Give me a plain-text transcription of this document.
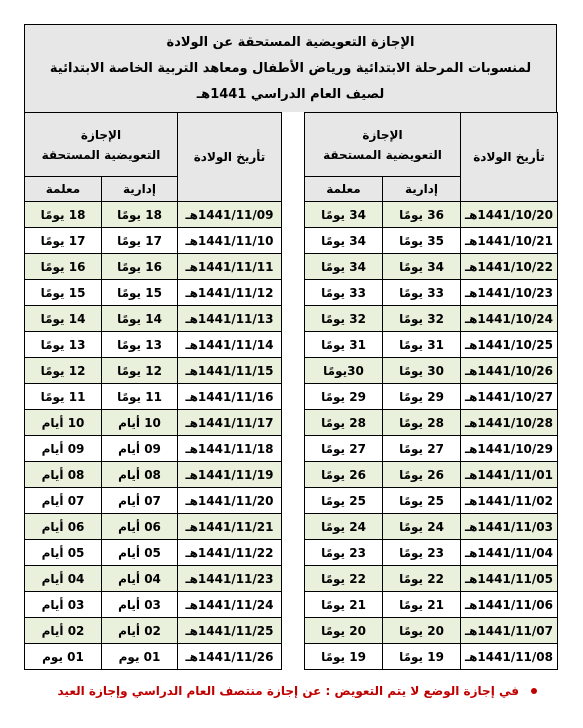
الإجازة التعويضية المستحقة عن الولادة
لمنسوبات المرحلة الابتدائية ورياض الأطفال ومعاهد التربية الخاصة الابتدائية
لصيف العام الدراسي 1441هـ
تأريخ الولادة	الإجازة
التعويضية المستحقة	

	إدارية	معلمة
1441/10/20هـ	36 يومًا	34 يومًا
1441/10/21هـ	35 يومًا	34 يومًا
1441/10/22هـ	34 يومًا	34 يومًا
1441/10/23هـ	33 يومًا	33 يومًا
1441/10/24هـ	32 يومًا	32 يومًا
1441/10/25هـ	31 يومًا	31 يومًا
1441/10/26هـ	30 يومًا	30يومًا
1441/10/27هـ	29 يومًا	29 يومًا
1441/10/28هـ	28 يومًا	28 يومًا
1441/10/29هـ	27 يومًا	27 يومًا
1441/11/01هـ	26 يومًا	26 يومًا
1441/11/02هـ	25 يومًا	25 يومًا
1441/11/03هـ	24 يومًا	24 يومًا
1441/11/04هـ	23 يومًا	23 يومًا
1441/11/05هـ	22 يومًا	22 يومًا
1441/11/06هـ	21 يومًا	21 يومًا
1441/11/07هـ	20 يومًا	20 يومًا
1441/11/08هـ	19 يومًا	19 يومًا
تأريخ الولادة	الإجازة
التعويضية المستحقة	

	إدارية	معلمة
1441/11/09هـ	18 يومًا	18 يومًا
1441/11/10هـ	17 يومًا	17 يومًا
1441/11/11هـ	16 يومًا	16 يومًا
1441/11/12هـ	15 يومًا	15 يومًا
1441/11/13هـ	14 يومًا	14 يومًا
1441/11/14هـ	13 يومًا	13 يومًا
1441/11/15هـ	12 يومًا	12 يومًا
1441/11/16هـ	11 يومًا	11 يومًا
1441/11/17هـ	10 أيام	10 أيام
1441/11/18هـ	09 أيام	09 أيام
1441/11/19هـ	08 أيام	08 أيام
1441/11/20هـ	07 أيام	07 أيام
1441/11/21هـ	06 أيام	06 أيام
1441/11/22هـ	05 أيام	05 أيام
1441/11/23هـ	04 أيام	04 أيام
1441/11/24هـ	03 أيام	03 أيام
1441/11/25هـ	02 أيام	02 أيام
1441/11/26هـ	01 يوم	01 يوم
في إجازة الوضع لا يتم التعويض : عن إجازة منتصف العام الدراسي وإجازة العيد
